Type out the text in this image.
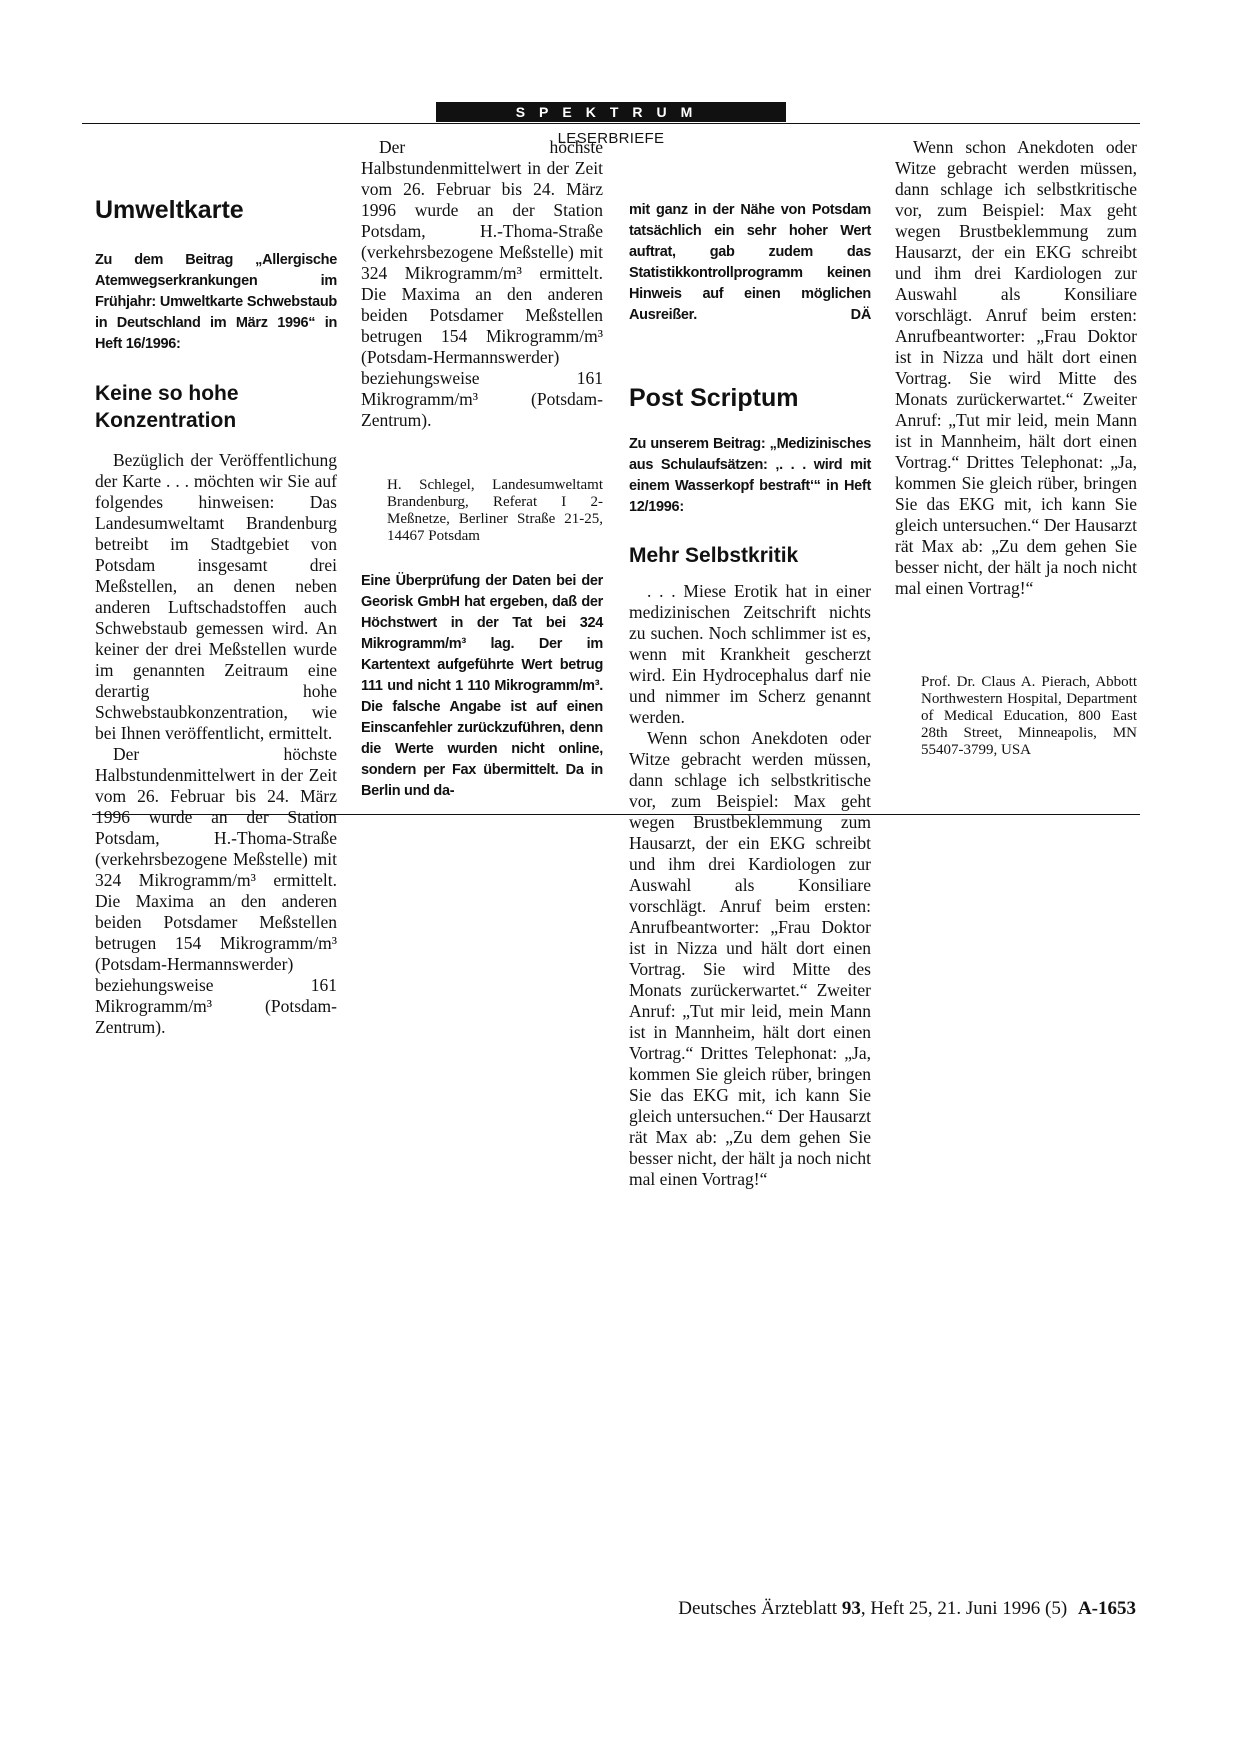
SPEKTRUM
LESERBRIEFE
Umweltkarte

Zu dem Beitrag „Allergische Atemwegserkrankungen im Frühjahr: Umweltkarte Schwebstaub in Deutschland im März 1996“ in Heft 16/1996:

Keine so hohe Konzentration

Bezüglich der Veröffentlichung der Karte . . . möchten wir Sie auf folgendes hinweisen: Das Landesumweltamt Brandenburg betreibt im Stadtgebiet von Potsdam insgesamt drei Meßstellen, an denen neben anderen Luftschadstoffen auch Schwebstaub gemessen wird. An keiner der drei Meßstellen wurde im genannten Zeitraum eine derartig hohe Schwebstaubkonzentration, wie bei Ihnen veröffentlicht, ermittelt.

Der höchste Halbstundenmittelwert in der Zeit vom 26. Februar bis 24. März 1996 wurde an der Station Potsdam, H.-Thoma-Straße (verkehrsbezogene Meßstelle) mit 324 Mikrogramm/m³ ermittelt. Die Maxima an den anderen beiden Potsdamer Meßstellen betrugen 154 Mikrogramm/m³ (Potsdam-Hermannswerder) beziehungsweise 161 Mikrogramm/m³ (Potsdam-Zentrum).

Der höchste Halbstundenmittelwert in der Zeit vom 26. Februar bis 24. März 1996 wurde an der Station Potsdam, H.-Thoma-Straße (verkehrsbezogene Meßstelle) mit 324 Mikrogramm/m³ ermittelt. Die Maxima an den anderen beiden Potsdamer Meßstellen betrugen 154 Mikrogramm/m³ (Potsdam-Hermannswerder) beziehungsweise 161 Mikrogramm/m³ (Potsdam-Zentrum).

H. Schlegel, Landesumweltamt Brandenburg, Referat I 2-Meßnetze, Berliner Straße 21-25, 14467 Potsdam

Eine Überprüfung der Daten bei der Georisk GmbH hat ergeben, daß der Höchstwert in der Tat bei 324 Mikrogramm/m³ lag. Der im Kartentext aufgeführte Wert betrug 111 und nicht 1 110 Mikrogramm/m³. Die falsche Angabe ist auf einen Einscanfehler zurückzuführen, denn die Werte wurden nicht online, sondern per Fax übermittelt. Da in Berlin und da-

mit ganz in der Nähe von Potsdam tatsächlich ein sehr hoher Wert auftrat, gab zudem das Statistikkontrollprogramm keinen Hinweis auf einen möglichen Ausreißer.	DÄ

Post Scriptum

Zu unserem Beitrag: „Medizinisches aus Schulaufsätzen: ‚. . . wird mit einem Wasserkopf bestraft‘“ in Heft 12/1996:

Mehr Selbstkritik

. . . Miese Erotik hat in einer medizinischen Zeitschrift nichts zu suchen. Noch schlimmer ist es, wenn mit Krankheit gescherzt wird. Ein Hydrocephalus darf nie und nimmer im Scherz genannt werden.

Wenn schon Anekdoten oder Witze gebracht werden müssen, dann schlage ich selbstkritische vor, zum Beispiel: Max geht wegen Brustbeklemmung zum Hausarzt, der ein EKG schreibt und ihm drei Kardiologen zur Auswahl als Konsiliare vorschlägt. Anruf beim ersten: Anrufbeantworter: „Frau Doktor ist in Nizza und hält dort einen Vortrag. Sie wird Mitte des Monats zurückerwartet.“ Zweiter Anruf: „Tut mir leid, mein Mann ist in Mannheim, hält dort einen Vortrag.“ Drittes Telephonat: „Ja, kommen Sie gleich rüber, bringen Sie das EKG mit, ich kann Sie gleich untersuchen.“ Der Hausarzt rät Max ab: „Zu dem gehen Sie besser nicht, der hält ja noch nicht mal einen Vortrag!“

Wenn schon Anekdoten oder Witze gebracht werden müssen, dann schlage ich selbstkritische vor, zum Beispiel: Max geht wegen Brustbeklemmung zum Hausarzt, der ein EKG schreibt und ihm drei Kardiologen zur Auswahl als Konsiliare vorschlägt. Anruf beim ersten: Anrufbeantworter: „Frau Doktor ist in Nizza und hält dort einen Vortrag. Sie wird Mitte des Monats zurückerwartet.“ Zweiter Anruf: „Tut mir leid, mein Mann ist in Mannheim, hält dort einen Vortrag.“ Drittes Telephonat: „Ja, kommen Sie gleich rüber, bringen Sie das EKG mit, ich kann Sie gleich untersuchen.“ Der Hausarzt rät Max ab: „Zu dem gehen Sie besser nicht, der hält ja noch nicht mal einen Vortrag!“

Prof. Dr. Claus A. Pierach, Abbott Northwestern Hospital, Department of Medical Education, 800 East 28th Street, Minneapolis, MN 55407-3799, USA

Deutsches Ärzteblatt 93, Heft 25, 21. Juni 1996 (5) A-1653
